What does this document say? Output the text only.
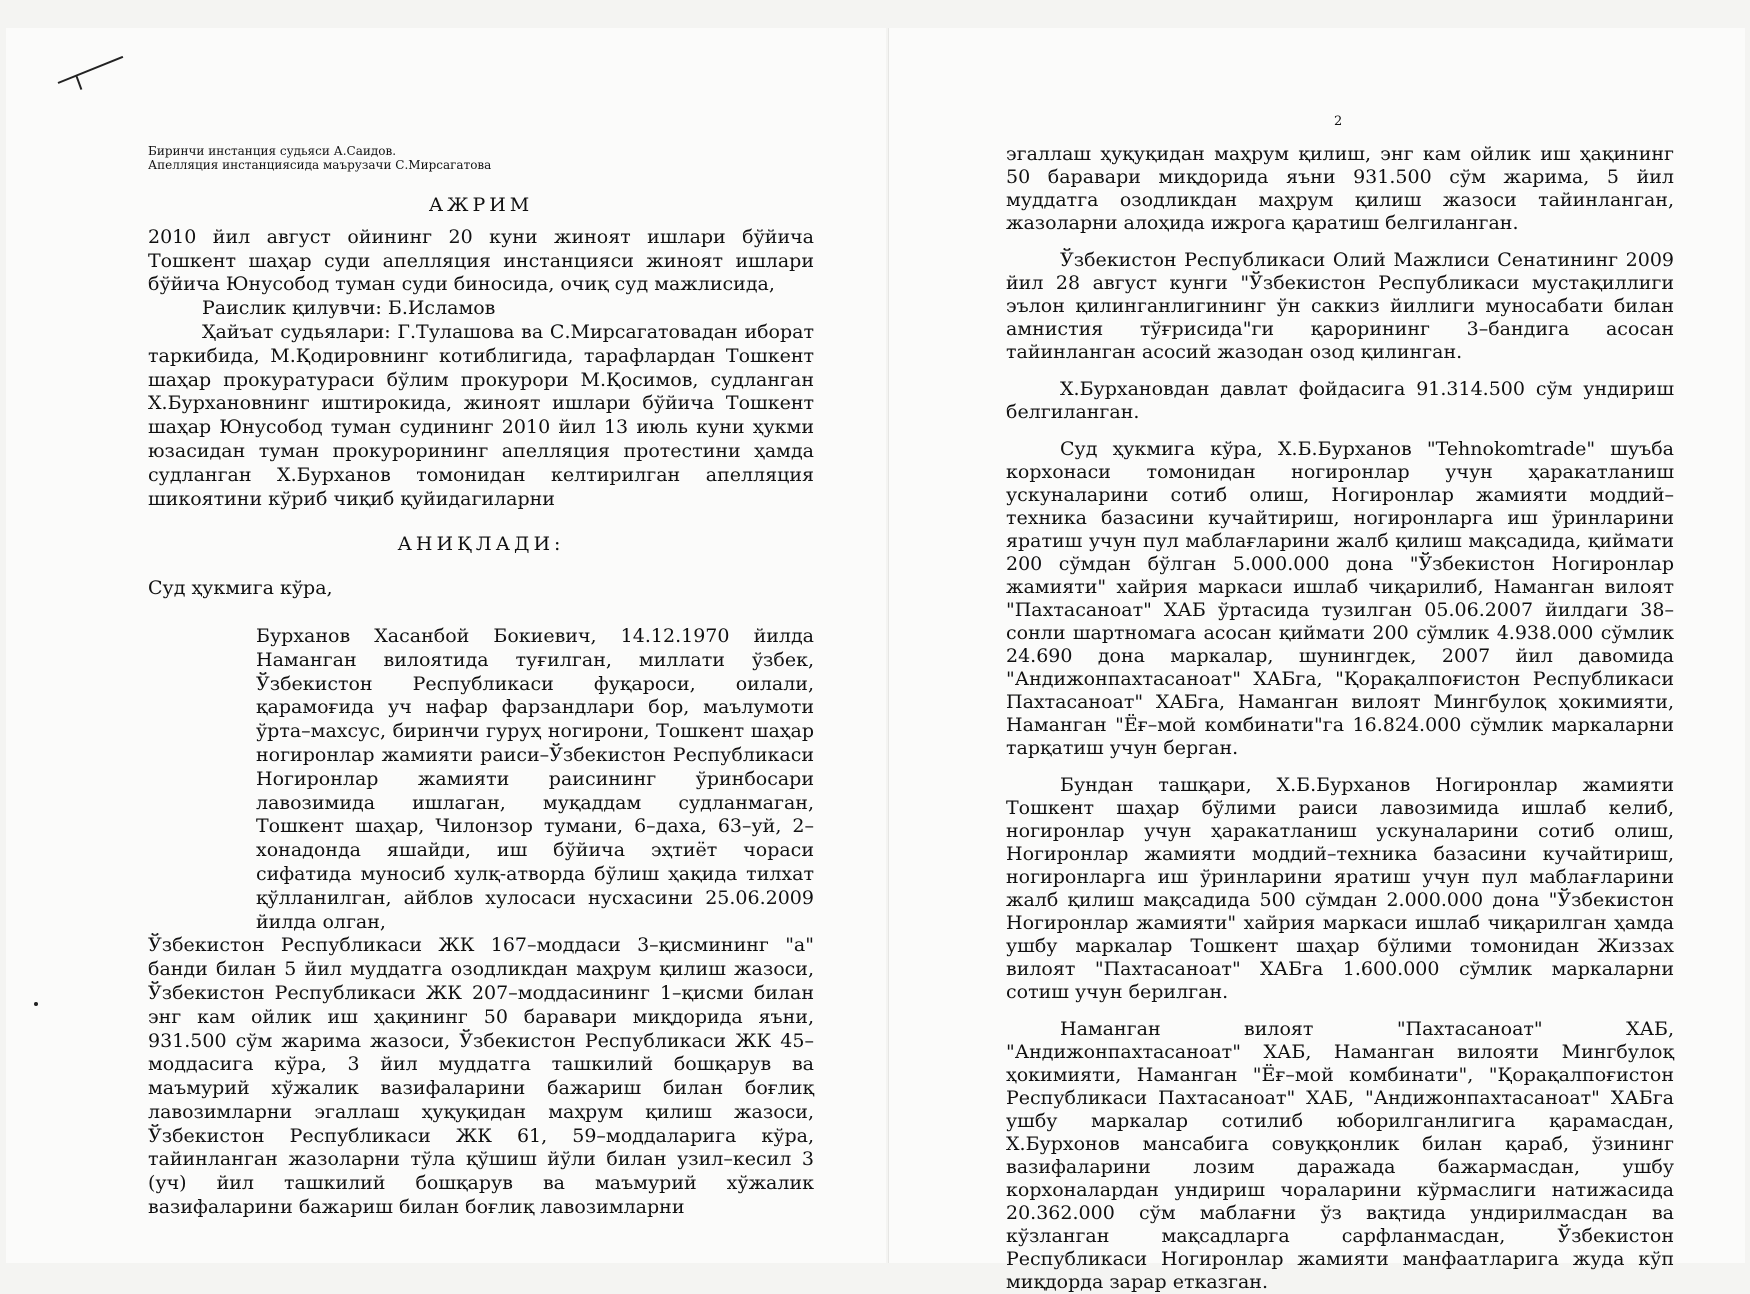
2

Биринчи инстанция судьяси А.Саидов.

Апелляция инстанциясида маърузачи С.Мирсагатова

АЖРИМ

2010 йил август ойининг 20 куни жиноят ишлари бўйича Тошкент шаҳар суди апелляция инстанцияси жиноят ишлари бўйича Юнусобод туман суди биносида, очиқ суд мажлисида,

Раислик қилувчи: Б.Исламов

Ҳайъат судьялари: Г.Тулашова ва С.Мирсагатовадан иборат таркибида, М.Қодировнинг котиблигида, тарафлардан Тошкент шаҳар прокуратураси бўлим прокурори М.Қосимов, судланган Х.Бурхановнинг иштирокида, жиноят ишлари бўйича Тошкент шаҳар Юнусобод туман судининг 2010 йил 13 июль куни ҳукми юзасидан туман прокурорининг апелляция протестини ҳамда судланган Х.Бурханов томонидан келтирилган апелляция шикоятини кўриб чиқиб қуйидагиларни

АНИҚЛАДИ:

Суд ҳукмига кўра,

Бурханов Хасанбой Бокиевич, 14.12.1970 йилда Наманган вилоятида туғилган, миллати ўзбек, Ўзбекистон Республикаси фуқароси, оилали, қарамоғида уч нафар фарзандлари бор, маълумоти ўрта–махсус, биринчи гуруҳ ногирони, Тошкент шаҳар ногиронлар жамияти раиси–Ўзбекистон Республикаси Ногиронлар жамияти раисининг ўринбосари лавозимида ишлаган, муқаддам судланмаган, Тошкент шаҳар, Чилонзор тумани, 6–даха, 63–уй, 2–хонадонда яшайди, иш бўйича эҳтиёт чораси сифатида муносиб хулқ-атворда бўлиш ҳақида тилхат қўлланилган, айблов хулосаси нусхасини 25.06.2009 йилда олган,

Ўзбекистон Республикаси ЖК 167–моддаси 3–қисмининг "а" банди билан 5 йил муддатга озодликдан маҳрум қилиш жазоси, Ўзбекистон Республикаси ЖК 207–моддасининг 1–қисми билан энг кам ойлик иш ҳақининг 50 баравари миқдорида яъни, 931.500 сўм жарима жазоси, Ўзбекистон Республикаси ЖК 45–моддасига кўра, 3 йил муддатга ташкилий бошқарув ва маъмурий хўжалик вазифаларини бажариш билан боғлиқ лавозимларни эгаллаш ҳуқуқидан маҳрум қилиш жазоси, Ўзбекистон Республикаси ЖК 61, 59–моддаларига кўра, тайинланган жазоларни тўла қўшиш йўли билан узил–кесил 3 (уч) йил ташкилий бошқарув ва маъмурий хўжалик вазифаларини бажариш билан боғлиқ лавозимларни

эгаллаш ҳуқуқидан маҳрум қилиш, энг кам ойлик иш ҳақининг 50 баравари миқдорида яъни 931.500 сўм жарима, 5 йил муддатга озодликдан маҳрум қилиш жазоси тайинланган, жазоларни алоҳида ижрога қаратиш белгиланган.

Ўзбекистон Республикаси Олий Мажлиси Сенатининг 2009 йил 28 август кунги "Ўзбекистон Республикаси мустақиллиги эълон қилинганлигининг ўн саккиз йиллиги муносабати билан амнистия тўғрисида"ги қарорининг 3–бандига асосан тайинланган асосий жазодан озод қилинган.

Х.Бурхановдан давлат фойдасига 91.314.500 сўм ундириш белгиланган.

Суд ҳукмига кўра, Х.Б.Бурханов "Tehnokomtrade" шуъба корхонаси томонидан ногиронлар учун ҳаракатланиш ускуналарини сотиб олиш, Ногиронлар жамияти моддий–техника базасини кучайтириш, ногиронларга иш ўринларини яратиш учун пул маблағларини жалб қилиш мақсадида, қиймати 200 сўмдан бўлган 5.000.000 дона "Ўзбекистон Ногиронлар жамияти" хайрия маркаси ишлаб чиқарилиб, Наманган вилоят "Пахтасаноат" ХАБ ўртасида тузилган 05.06.2007 йилдаги 38–сонли шартномага асосан қиймати 200 сўмлик 4.938.000 сўмлик 24.690 дона маркалар, шунингдек, 2007 йил давомида "Андижонпахтасаноат" ХАБга, "Қорақалпоғистон Республикаси Пахтасаноат" ХАБга, Наманган вилоят Мингбулоқ ҳокимияти, Наманган "Ёғ–мой комбинати"га 16.824.000 сўмлик маркаларни тарқатиш учун берган.

Бундан ташқари, Х.Б.Бурханов Ногиронлар жамияти Тошкент шаҳар бўлими раиси лавозимида ишлаб келиб, ногиронлар учун ҳаракатланиш ускуналарини сотиб олиш, Ногиронлар жамияти моддий–техника базасини кучайтириш, ногиронларга иш ўринларини яратиш учун пул маблағларини жалб қилиш мақсадида 500 сўмдан 2.000.000 дона "Ўзбекистон Ногиронлар жамияти" хайрия маркаси ишлаб чиқарилган ҳамда ушбу маркалар Тошкент шаҳар бўлими томонидан Жиззах вилоят "Пахтасаноат" ХАБга 1.600.000 сўмлик маркаларни сотиш учун берилган.

Наманган вилоят "Пахтасаноат" ХАБ, "Андижонпахтасаноат" ХАБ, Наманган вилояти Мингбулоқ ҳокимияти, Наманган "Ёғ–мой комбинати", "Қорақалпоғистон Республикаси Пахтасаноат" ХАБ, "Андижонпахтасаноат" ХАБга ушбу маркалар сотилиб юборилганлигига қарамасдан, Х.Бурхонов мансабига совуққонлик билан қараб, ўзининг вазифаларини лозим даражада бажармасдан, ушбу корхоналардан ундириш чораларини кўрмаслиги натижасида 20.362.000 сўм маблағни ўз вақтида ундирилмасдан ва кўзланган мақсадларга сарфланмасдан, Ўзбекистон Республикаси Ногиронлар жамияти манфаатларига жуда кўп миқдорда зарар етказган.
